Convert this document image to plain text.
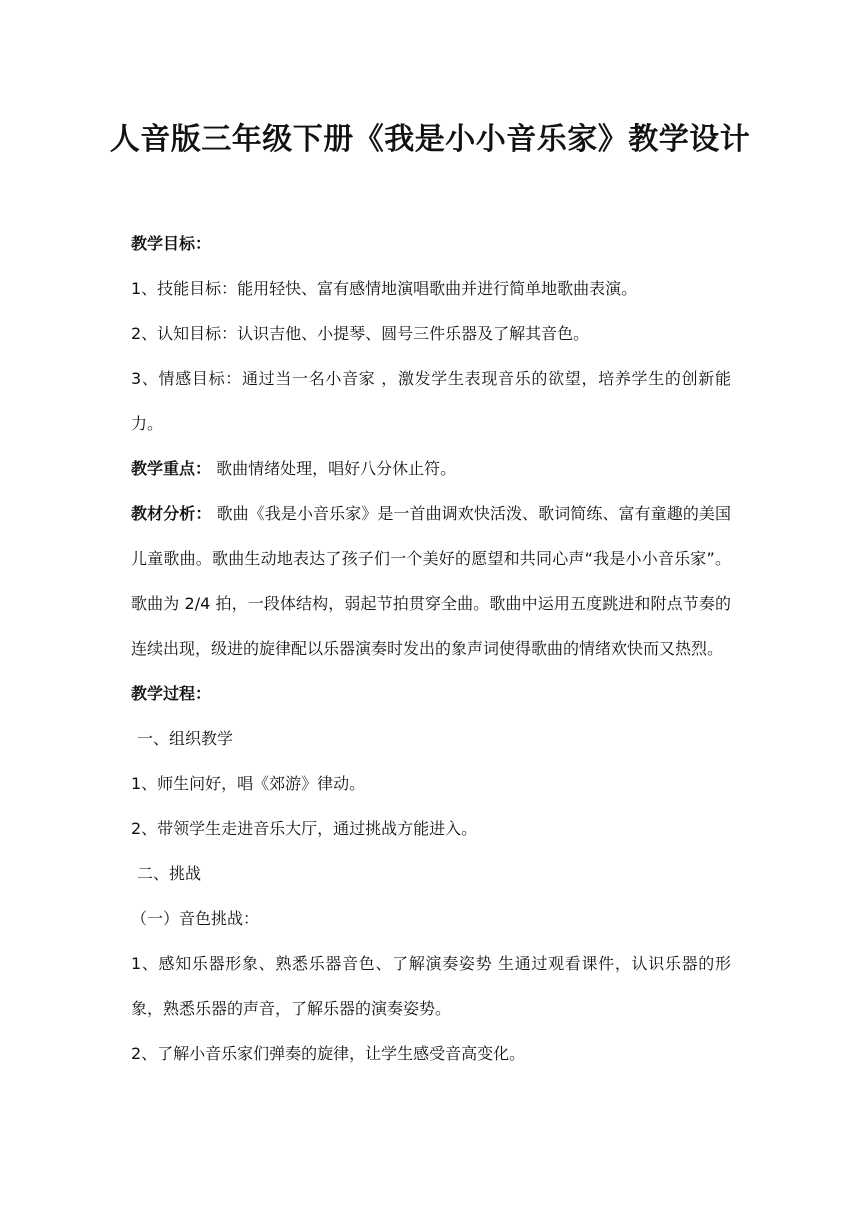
人音版三年级下册《我是小小音乐家》教学设计

教学目标：

1、技能目标：能用轻快、富有感情地演唱歌曲并进行简单地歌曲表演。

2、认知目标：认识吉他、小提琴、圆号三件乐器及了解其音色。

3、情感目标：通过当一名小音家 ，激发学生表现音乐的欲望，培养学生的创新能力。

教学重点： 歌曲情绪处理，唱好八分休止符。

教材分析： 歌曲《我是小音乐家》是一首曲调欢快活泼、歌词简练、富有童趣的美国儿童歌曲。歌曲生动地表达了孩子们一个美好的愿望和共同心声“我是小小音乐家”。歌曲为 2/4 拍，一段体结构，弱起节拍贯穿全曲。歌曲中运用五度跳进和附点节奏的连续出现，级进的旋律配以乐器演奏时发出的象声词使得歌曲的情绪欢快而又热烈。

教学过程：

一、组织教学

1、师生问好，唱《郊游》律动。

2、带领学生走进音乐大厅，通过挑战方能进入。

二、挑战

（一）音色挑战：

1、感知乐器形象、熟悉乐器音色、了解演奏姿势 生通过观看课件，认识乐器的形象，熟悉乐器的声音，了解乐器的演奏姿势。

2、了解小音乐家们弹奏的旋律，让学生感受音高变化。
